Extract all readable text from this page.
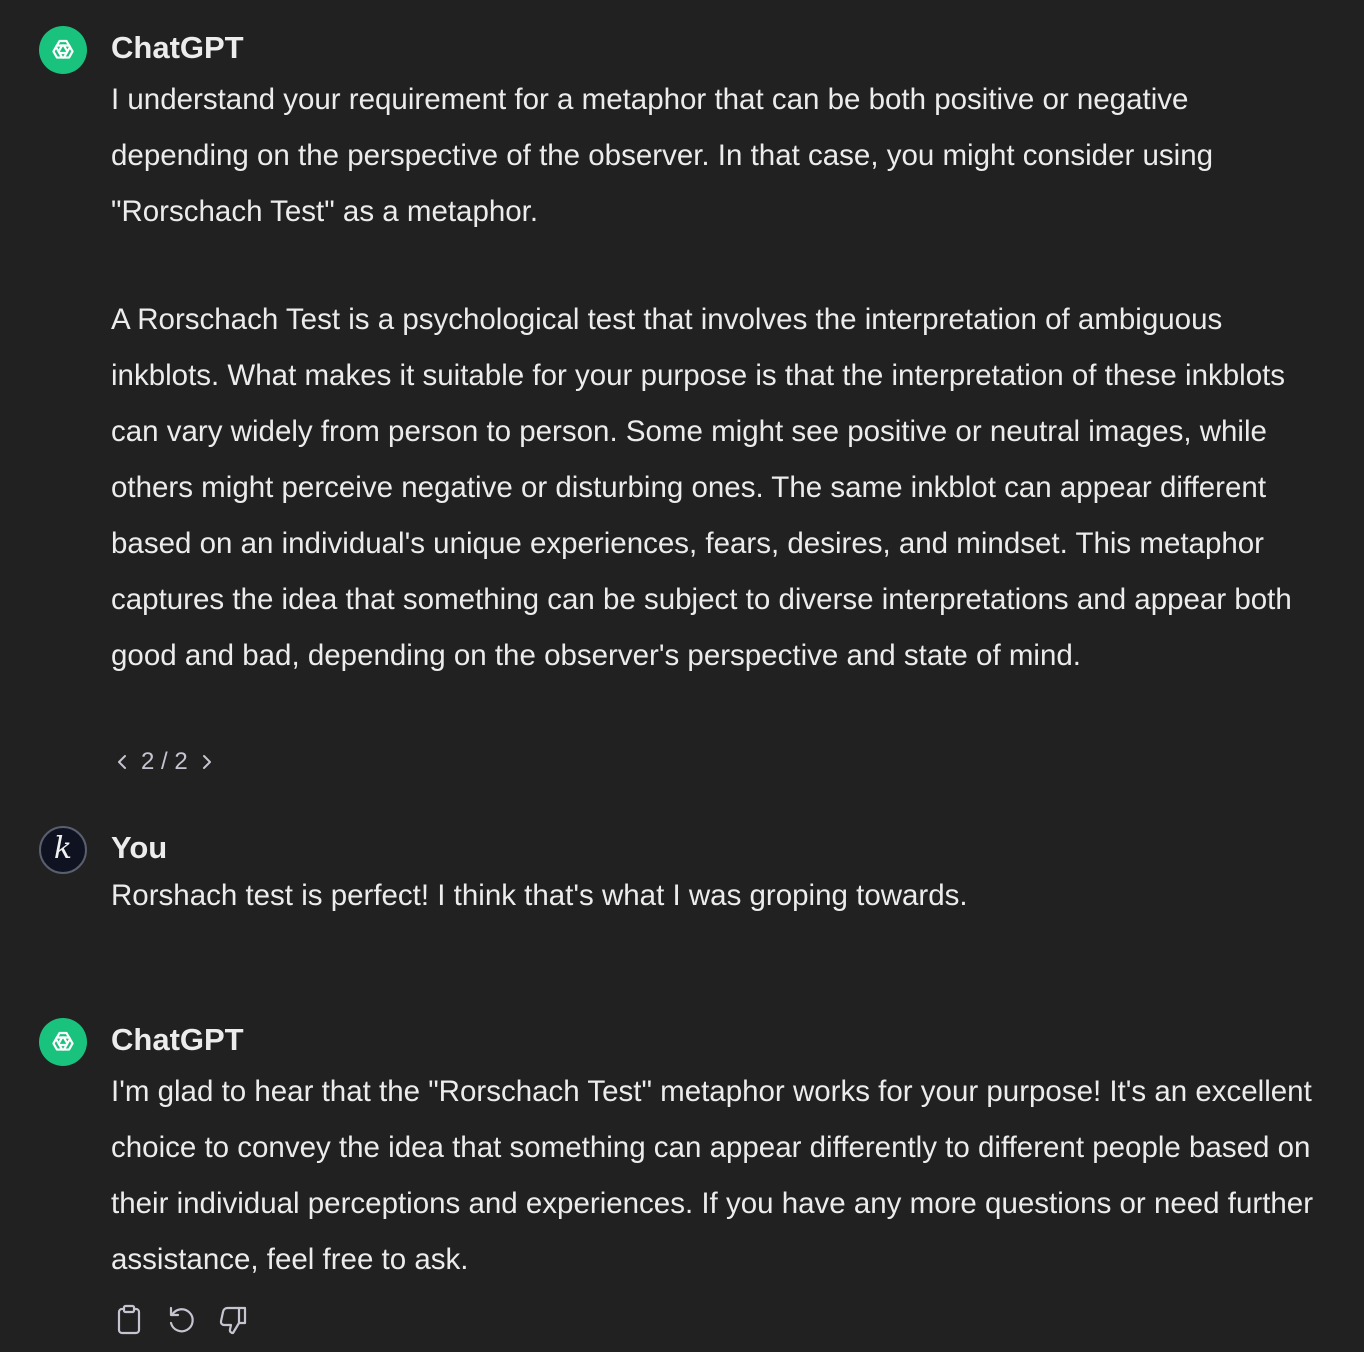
ChatGPT

I understand your requirement for a metaphor that can be both positive or negative depending on the perspective of the observer. In that case, you might consider using "Rorschach Test" as a metaphor.

A Rorschach Test is a psychological test that involves the interpretation of ambiguous inkblots. What makes it suitable for your purpose is that the interpretation of these inkblots can vary widely from person to person. Some might see positive or neutral images, while others might perceive negative or disturbing ones. The same inkblot can appear different based on an individual's unique experiences, fears, desires, and mindset. This metaphor captures the idea that something can be subject to diverse interpretations and appear both good and bad, depending on the observer's perspective and state of mind.

2 / 2
k You

Rorshach test is perfect! I think that's what I was groping towards.

ChatGPT

I'm glad to hear that the "Rorschach Test" metaphor works for your purpose! It's an excellent choice to convey the idea that something can appear differently to different people based on their individual perceptions and experiences. If you have any more questions or need further assistance, feel free to ask.
